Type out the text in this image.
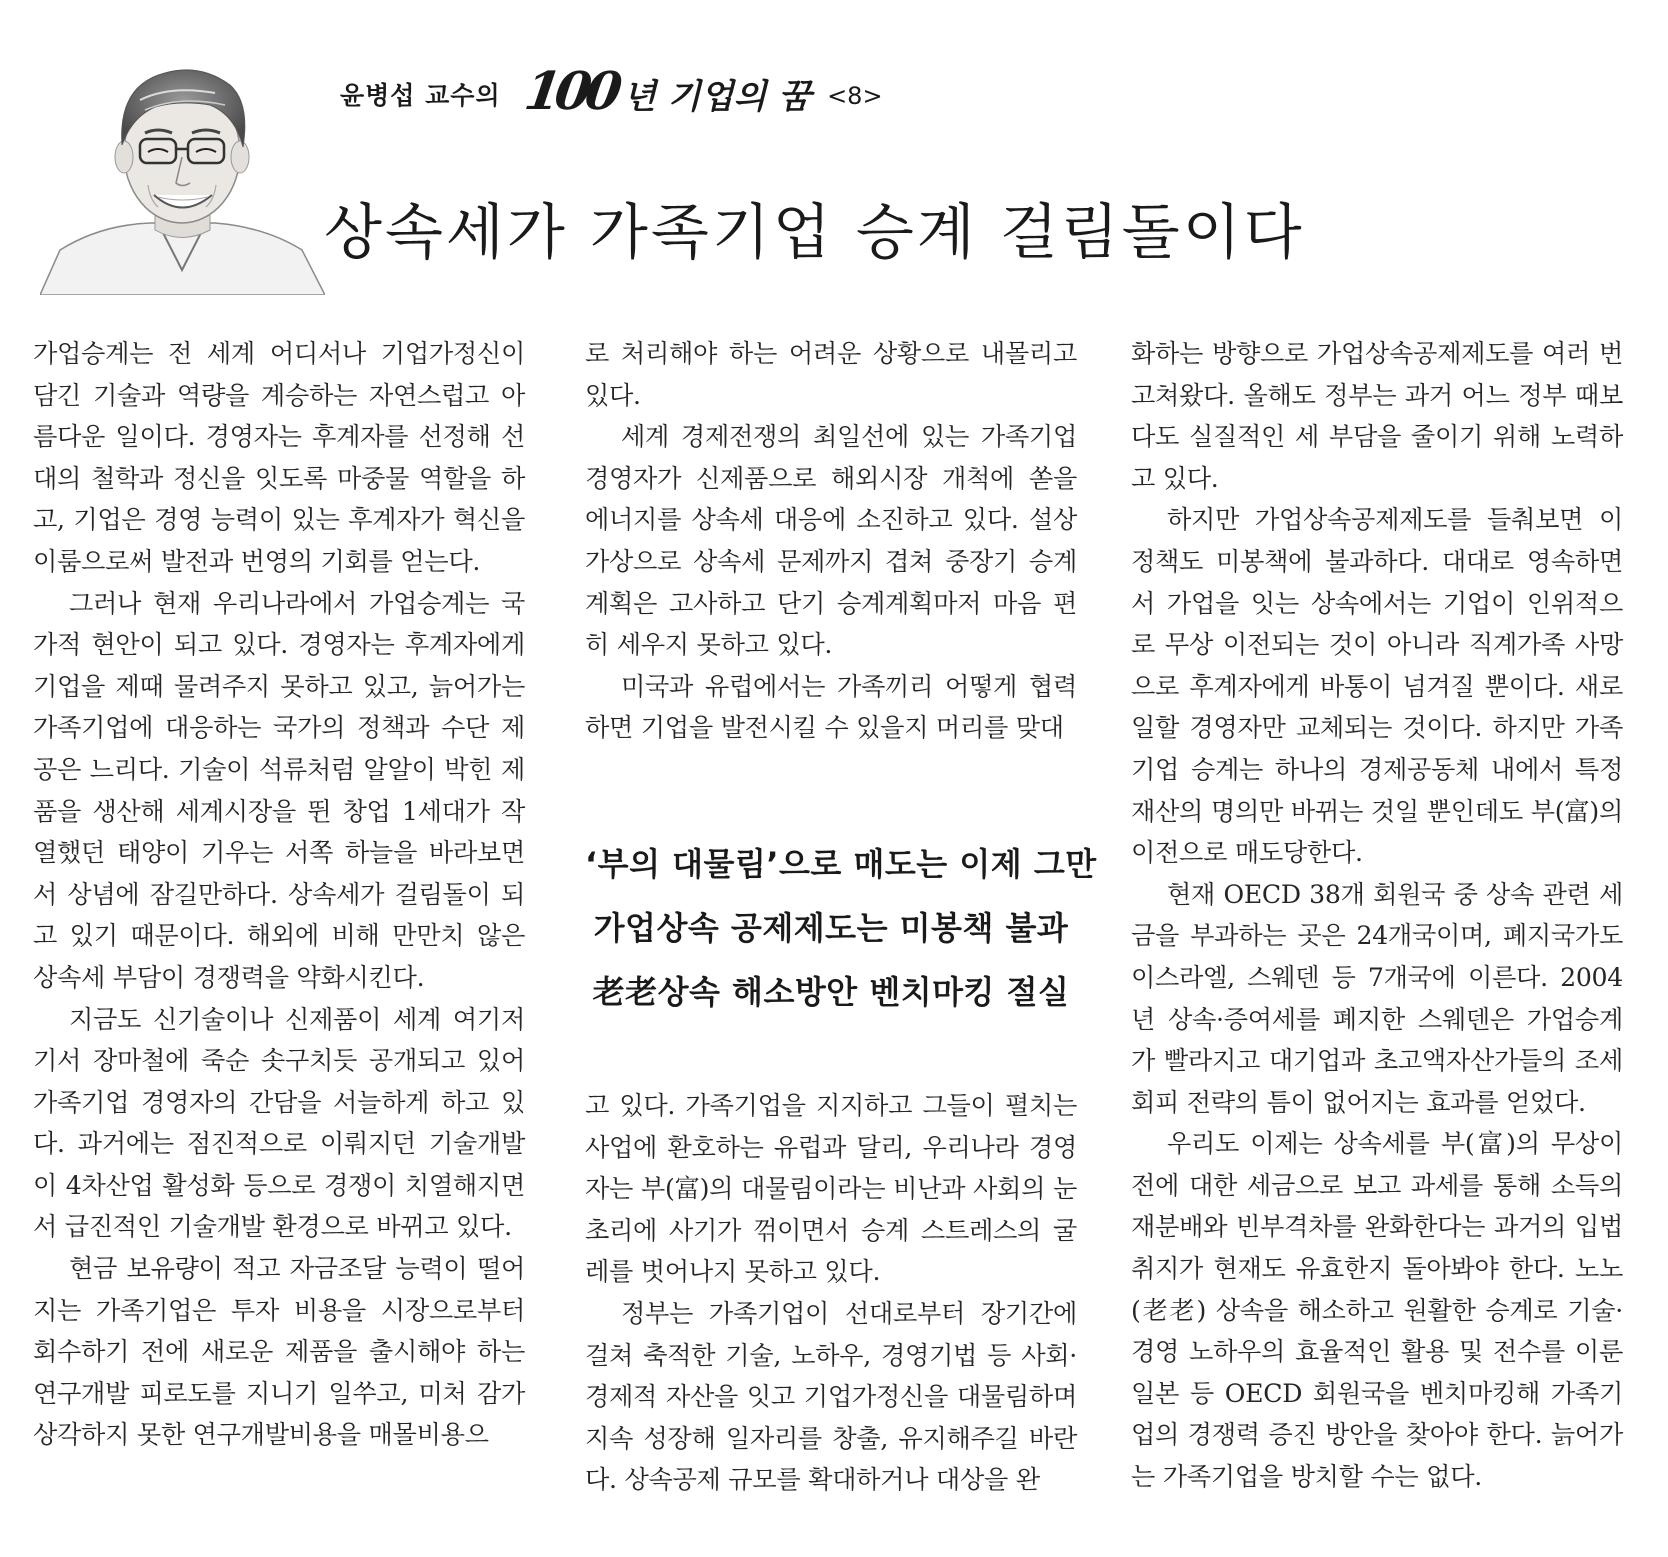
윤병섭 교수의 100 년 기업의 꿈 <8>
상속세가 가족기업 승계 걸림돌이다

가업승계는 전 세계 어디서나 기업가정신이 담긴 기술과 역량을 계승하는 자연스럽고 아름다운 일이다. 경영자는 후계자를 선정해 선대의 철학과 정신을 잇도록 마중물 역할을 하고, 기업은 경영 능력이 있는 후계자가 혁신을 이룸으로써 발전과 번영의 기회를 얻는다.

그러나 현재 우리나라에서 가업승계는 국가적 현안이 되고 있다. 경영자는 후계자에게 기업을 제때 물려주지 못하고 있고, 늙어가는 가족기업에 대응하는 국가의 정책과 수단 제공은 느리다. 기술이 석류처럼 알알이 박힌 제품을 생산해 세계시장을 뛴 창업 1세대가 작열했던 태양이 기우는 서쪽 하늘을 바라보면서 상념에 잠길만하다. 상속세가 걸림돌이 되고 있기 때문이다. 해외에 비해 만만치 않은 상속세 부담이 경쟁력을 약화시킨다.

지금도 신기술이나 신제품이 세계 여기저기서 장마철에 죽순 솟구치듯 공개되고 있어 가족기업 경영자의 간담을 서늘하게 하고 있다. 과거에는 점진적으로 이뤄지던 기술개발이 4차산업 활성화 등으로 경쟁이 치열해지면서 급진적인 기술개발 환경으로 바뀌고 있다.

현금 보유량이 적고 자금조달 능력이 떨어지는 가족기업은 투자 비용을 시장으로부터 회수하기 전에 새로운 제품을 출시해야 하는 연구개발 피로도를 지니기 일쑤고, 미처 감가상각하지 못한 연구개발비용을 매몰비용으

로 처리해야 하는 어려운 상황으로 내몰리고 있다.

세계 경제전쟁의 최일선에 있는 가족기업 경영자가 신제품으로 해외시장 개척에 쏟을 에너지를 상속세 대응에 소진하고 있다. 설상가상으로 상속세 문제까지 겹쳐 중장기 승계계획은 고사하고 단기 승계계획마저 마음 편히 세우지 못하고 있다.

미국과 유럽에서는 가족끼리 어떻게 협력하면 기업을 발전시킬 수 있을지 머리를 맞대

‘부의 대물림’으로 매도는 이제 그만
가업상속 공제제도는 미봉책 불과
老老상속 해소방안 벤치마킹 절실

고 있다. 가족기업을 지지하고 그들이 펼치는 사업에 환호하는 유럽과 달리, 우리나라 경영자는 부(富)의 대물림이라는 비난과 사회의 눈초리에 사기가 꺾이면서 승계 스트레스의 굴레를 벗어나지 못하고 있다.

정부는 가족기업이 선대로부터 장기간에 걸쳐 축적한 기술, 노하우, 경영기법 등 사회·경제적 자산을 잇고 기업가정신을 대물림하며 지속 성장해 일자리를 창출, 유지해주길 바란다. 상속공제 규모를 확대하거나 대상을 완

화하는 방향으로 가업상속공제제도를 여러 번 고쳐왔다. 올해도 정부는 과거 어느 정부 때보다도 실질적인 세 부담을 줄이기 위해 노력하고 있다.

하지만 가업상속공제제도를 들춰보면 이 정책도 미봉책에 불과하다. 대대로 영속하면서 가업을 잇는 상속에서는 기업이 인위적으로 무상 이전되는 것이 아니라 직계가족 사망으로 후계자에게 바통이 넘겨질 뿐이다. 새로 일할 경영자만 교체되는 것이다. 하지만 가족기업 승계는 하나의 경제공동체 내에서 특정 재산의 명의만 바뀌는 것일 뿐인데도 부(富)의 이전으로 매도당한다.

현재 OECD 38개 회원국 중 상속 관련 세금을 부과하는 곳은 24개국이며, 폐지국가도 이스라엘, 스웨덴 등 7개국에 이른다. 2004년 상속·증여세를 폐지한 스웨덴은 가업승계가 빨라지고 대기업과 초고액자산가들의 조세회피 전략의 틈이 없어지는 효과를 얻었다.

우리도 이제는 상속세를 부(富)의 무상이전에 대한 세금으로 보고 과세를 통해 소득의 재분배와 빈부격차를 완화한다는 과거의 입법 취지가 현재도 유효한지 돌아봐야 한다. 노노(老老) 상속을 해소하고 원활한 승계로 기술·경영 노하우의 효율적인 활용 및 전수를 이룬 일본 등 OECD 회원국을 벤치마킹해 가족기업의 경쟁력 증진 방안을 찾아야 한다. 늙어가는 가족기업을 방치할 수는 없다.
